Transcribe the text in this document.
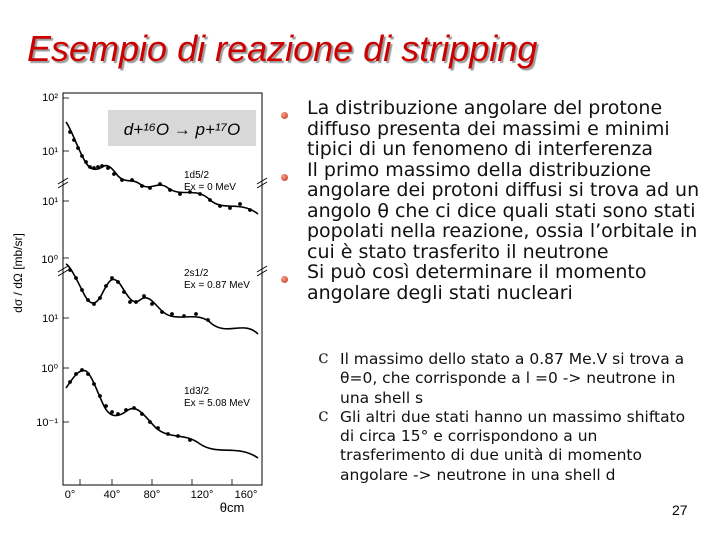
Esempio di reazione di stripping
d+¹⁶O → p+¹⁷O
dσ / dΩ [mb/sr]
10²
10¹
10¹
10⁰
10¹
10⁰
10⁻¹
1d5/2
Ex = 0 MeV
2s1/2
Ex = 0.87 MeV
1d3/2
Ex = 5.08 MeV
0°	40° 80°	120° 160°
θcm
La distribuzione angolare del protone diffuso presenta dei massimi e minimi tipici di un fenomeno di interferenza
Il primo massimo della distribuzione angolare dei protoni diffusi si trova ad un angolo θ che ci dice quali stati sono stati popolati nella reazione, ossia l’orbitale in cui è stato trasferito il neutrone
Si può così determinare il momento angolare degli stati nucleari
c Il massimo dello stato a 0.87 Me.V si trova a θ=0, che corrisponde a l =0 -> neutrone in una shell s
c Gli altri due stati hanno un massimo shiftato di circa 15° e corrispondono a un trasferimento di due unità di momento angolare -> neutrone in una shell d
27
